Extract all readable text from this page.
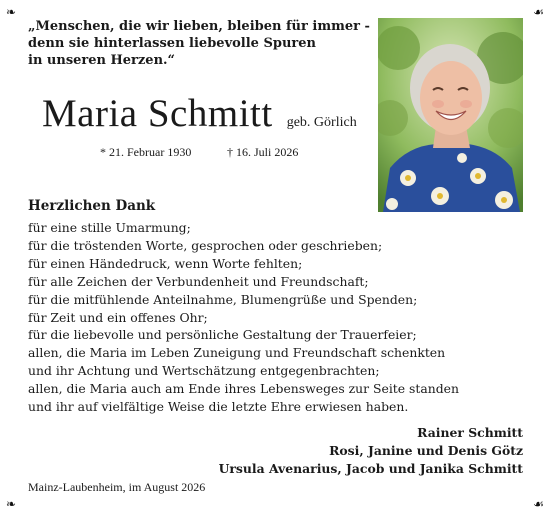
❧	☙
❧	☙
„Menschen, die wir lieben, bleiben für immer -
denn sie hinterlassen liebevolle Spuren
in unseren Herzen.“
Maria Schmitt geb. Görlich
* 21. Februar 1930	† 16. Juli 2026
Herzlichen Dank
für eine stille Umarmung;
für die tröstenden Worte, gesprochen oder geschrieben;
für einen Händedruck, wenn Worte fehlten;
für alle Zeichen der Verbundenheit und Freundschaft;
für die mitfühlende Anteilnahme, Blumengrüße und Spenden;
für Zeit und ein offenes Ohr;
für die liebevolle und persönliche Gestaltung der Trauerfeier;
allen, die Maria im Leben Zuneigung und Freundschaft schenkten
und ihr Achtung und Wertschätzung entgegenbrachten;
allen, die Maria auch am Ende ihres Lebensweges zur Seite standen
und ihr auf vielfältige Weise die letzte Ehre erwiesen haben.
Rainer Schmitt
Rosi, Janine und Denis Götz
Ursula Avenarius, Jacob und Janika Schmitt
Mainz-Laubenheim, im August 2026
